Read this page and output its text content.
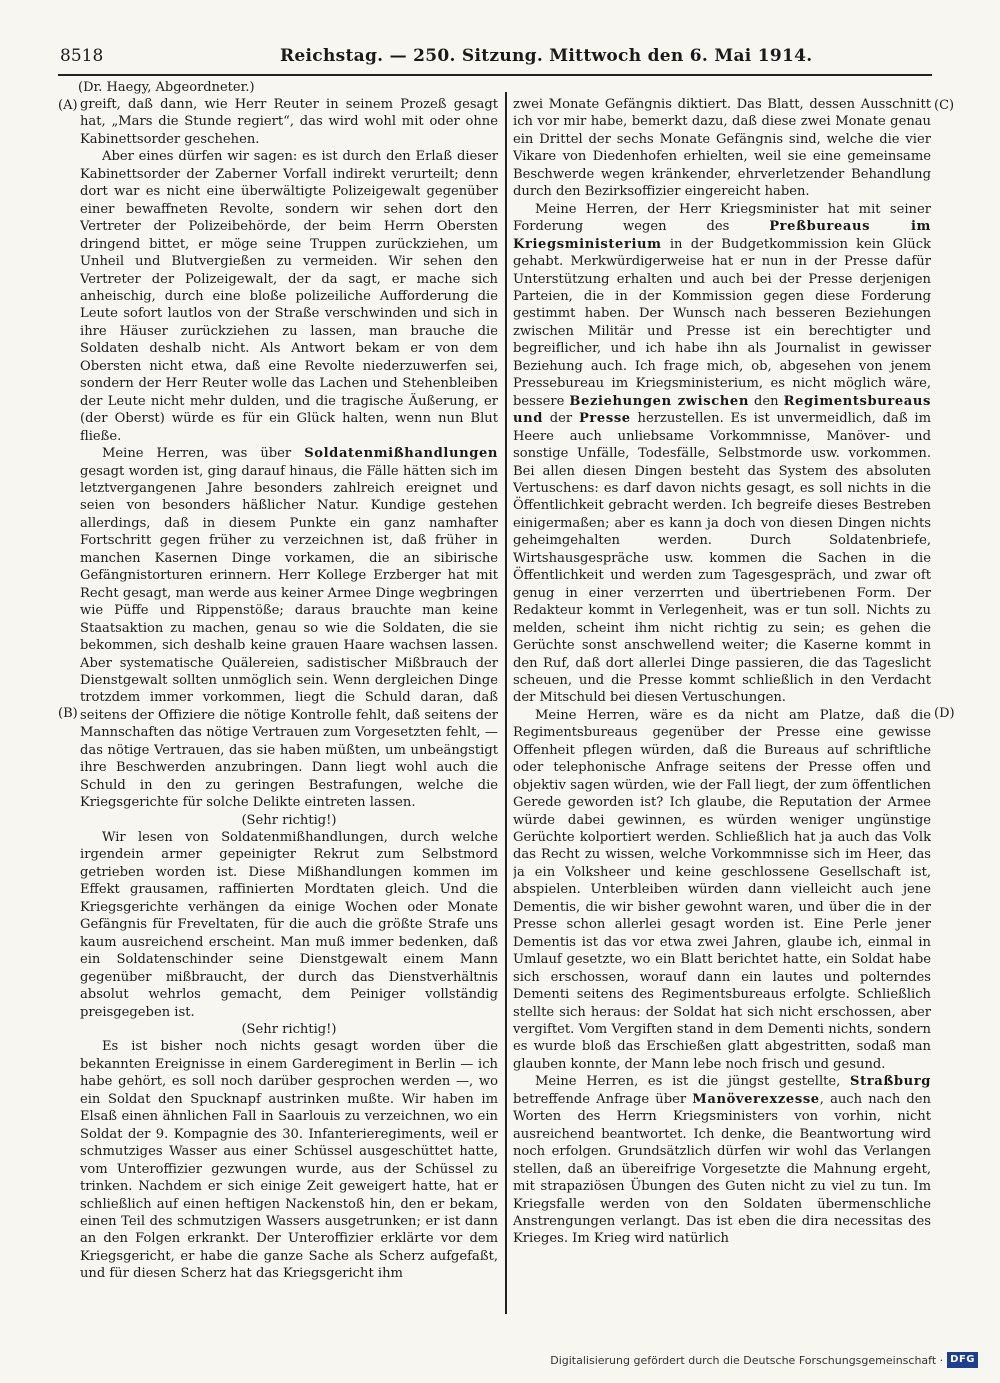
8518	Reichstag. — 250. Sitzung. Mittwoch den 6. Mai 1914.
(Dr. Haegy, Abgeordneter.)
(A)
(B)
(C)
(D)

greift, daß dann, wie Herr Reuter in seinem Prozeß gesagt hat, „Mars die Stunde regiert“, das wird wohl mit oder ohne Kabinettsorder geschehen.

Aber eines dürfen wir sagen: es ist durch den Erlaß dieser Kabinettsorder der Zaberner Vorfall indirekt verurteilt; denn dort war es nicht eine überwältigte Polizeigewalt gegenüber einer bewaffneten Revolte, sondern wir sehen dort den Vertreter der Polizeibehörde, der beim Herrn Obersten dringend bittet, er möge seine Truppen zurückziehen, um Unheil und Blutvergießen zu vermeiden. Wir sehen den Vertreter der Polizeigewalt, der da sagt, er mache sich anheischig, durch eine bloße polizeiliche Aufforderung die Leute sofort lautlos von der Straße verschwinden und sich in ihre Häuser zurückziehen zu lassen, man brauche die Soldaten deshalb nicht. Als Antwort bekam er von dem Obersten nicht etwa, daß eine Revolte niederzuwerfen sei, sondern der Herr Reuter wolle das Lachen und Stehenbleiben der Leute nicht mehr dulden, und die tragische Äußerung, er (der Oberst) würde es für ein Glück halten, wenn nun Blut fließe.

Meine Herren, was über Soldatenmißhandlungen gesagt worden ist, ging darauf hinaus, die Fälle hätten sich im letztvergangenen Jahre besonders zahlreich ereignet und seien von besonders häßlicher Natur. Kundige gestehen allerdings, daß in diesem Punkte ein ganz namhafter Fortschritt gegen früher zu verzeichnen ist, daß früher in manchen Kasernen Dinge vorkamen, die an sibirische Gefängnistorturen erinnern. Herr Kollege Erzberger hat mit Recht gesagt, man werde aus keiner Armee Dinge wegbringen wie Püffe und Rippenstöße; daraus brauchte man keine Staatsaktion zu machen, genau so wie die Soldaten, die sie bekommen, sich deshalb keine grauen Haare wachsen lassen. Aber systematische Quälereien, sadistischer Mißbrauch der Dienstgewalt sollten unmöglich sein. Wenn dergleichen Dinge trotzdem immer vorkommen, liegt die Schuld daran, daß seitens der Offiziere die nötige Kontrolle fehlt, daß seitens der Mannschaften das nötige Vertrauen zum Vorgesetzten fehlt, — das nötige Vertrauen, das sie haben müßten, um unbeängstigt ihre Beschwerden anzubringen. Dann liegt wohl auch die Schuld in den zu geringen Bestrafungen, welche die Kriegsgerichte für solche Delikte eintreten lassen.

(Sehr richtig!)

Wir lesen von Soldatenmißhandlungen, durch welche irgendein armer gepeinigter Rekrut zum Selbstmord getrieben worden ist. Diese Mißhandlungen kommen im Effekt grausamen, raffinierten Mordtaten gleich. Und die Kriegsgerichte verhängen da einige Wochen oder Monate Gefängnis für Freveltaten, für die auch die größte Strafe uns kaum ausreichend erscheint. Man muß immer bedenken, daß ein Soldatenschinder seine Dienstgewalt einem Mann gegenüber mißbraucht, der durch das Dienstverhältnis absolut wehrlos gemacht, dem Peiniger vollständig preisgegeben ist.

(Sehr richtig!)

Es ist bisher noch nichts gesagt worden über die bekannten Ereignisse in einem Garderegiment in Berlin — ich habe gehört, es soll noch darüber gesprochen werden —, wo ein Soldat den Spucknapf austrinken mußte. Wir haben im Elsaß einen ähnlichen Fall in Saarlouis zu verzeichnen, wo ein Soldat der 9. Kompagnie des 30. Infanterieregiments, weil er schmutziges Wasser aus einer Schüssel ausgeschüttet hatte, vom Unteroffizier gezwungen wurde, aus der Schüssel zu trinken. Nachdem er sich einige Zeit geweigert hatte, hat er schließlich auf einen heftigen Nackenstoß hin, den er bekam, einen Teil des schmutzigen Wassers ausgetrunken; er ist dann an den Folgen erkrankt. Der Unteroffizier erklärte vor dem Kriegsgericht, er habe die ganze Sache als Scherz aufgefaßt, und für diesen Scherz hat das Kriegsgericht ihm

zwei Monate Gefängnis diktiert. Das Blatt, dessen Ausschnitt ich vor mir habe, bemerkt dazu, daß diese zwei Monate genau ein Drittel der sechs Monate Gefängnis sind, welche die vier Vikare von Diedenhofen erhielten, weil sie eine gemeinsame Beschwerde wegen kränkender, ehrverletzender Behandlung durch den Bezirksoffizier eingereicht haben.

Meine Herren, der Herr Kriegsminister hat mit seiner Forderung wegen des Preßbureaus im Kriegsministerium in der Budgetkommission kein Glück gehabt. Merkwürdigerweise hat er nun in der Presse dafür Unterstützung erhalten und auch bei der Presse derjenigen Parteien, die in der Kommission gegen diese Forderung gestimmt haben. Der Wunsch nach besseren Beziehungen zwischen Militär und Presse ist ein berechtigter und begreiflicher, und ich habe ihn als Journalist in gewisser Beziehung auch. Ich frage mich, ob, abgesehen von jenem Pressebureau im Kriegsministerium, es nicht möglich wäre, bessere Beziehungen zwischen den Regimentsbureaus und der Presse herzustellen. Es ist unvermeidlich, daß im Heere auch unliebsame Vorkommnisse, Manöver- und sonstige Unfälle, Todesfälle, Selbstmorde usw. vorkommen. Bei allen diesen Dingen besteht das System des absoluten Vertuschens: es darf davon nichts gesagt, es soll nichts in die Öffentlichkeit gebracht werden. Ich begreife dieses Bestreben einigermaßen; aber es kann ja doch von diesen Dingen nichts geheimgehalten werden. Durch Soldatenbriefe, Wirtshausgespräche usw. kommen die Sachen in die Öffentlichkeit und werden zum Tagesgespräch, und zwar oft genug in einer verzerrten und übertriebenen Form. Der Redakteur kommt in Verlegenheit, was er tun soll. Nichts zu melden, scheint ihm nicht richtig zu sein; es gehen die Gerüchte sonst anschwellend weiter; die Kaserne kommt in den Ruf, daß dort allerlei Dinge passieren, die das Tageslicht scheuen, und die Presse kommt schließlich in den Verdacht der Mitschuld bei diesen Vertuschungen.

Meine Herren, wäre es da nicht am Platze, daß die Regimentsbureaus gegenüber der Presse eine gewisse Offenheit pflegen würden, daß die Bureaus auf schriftliche oder telephonische Anfrage seitens der Presse offen und objektiv sagen würden, wie der Fall liegt, der zum öffentlichen Gerede geworden ist? Ich glaube, die Reputation der Armee würde dabei gewinnen, es würden weniger ungünstige Gerüchte kolportiert werden. Schließlich hat ja auch das Volk das Recht zu wissen, welche Vorkommnisse sich im Heer, das ja ein Volksheer und keine geschlossene Gesellschaft ist, abspielen. Unterbleiben würden dann vielleicht auch jene Dementis, die wir bisher gewohnt waren, und über die in der Presse schon allerlei gesagt worden ist. Eine Perle jener Dementis ist das vor etwa zwei Jahren, glaube ich, einmal in Umlauf gesetzte, wo ein Blatt berichtet hatte, ein Soldat habe sich erschossen, worauf dann ein lautes und polterndes Dementi seitens des Regimentsbureaus erfolgte. Schließlich stellte sich heraus: der Soldat hat sich nicht erschossen, aber vergiftet. Vom Vergiften stand in dem Dementi nichts, sondern es wurde bloß das Erschießen glatt abgestritten, sodaß man glauben konnte, der Mann lebe noch frisch und gesund.

Meine Herren, es ist die jüngst gestellte, Straßburg betreffende Anfrage über Manöverexzesse, auch nach den Worten des Herrn Kriegsministers von vorhin, nicht ausreichend beantwortet. Ich denke, die Beantwortung wird noch erfolgen. Grundsätzlich dürfen wir wohl das Verlangen stellen, daß an übereifrige Vorgesetzte die Mahnung ergeht, mit strapaziösen Übungen des Guten nicht zu viel zu tun. Im Kriegsfalle werden von den Soldaten übermenschliche Anstrengungen verlangt. Das ist eben die dira necessitas des Krieges. Im Krieg wird natürlich

Digitalisierung gefördert durch die Deutsche Forschungsgemeinschaft · DFG
